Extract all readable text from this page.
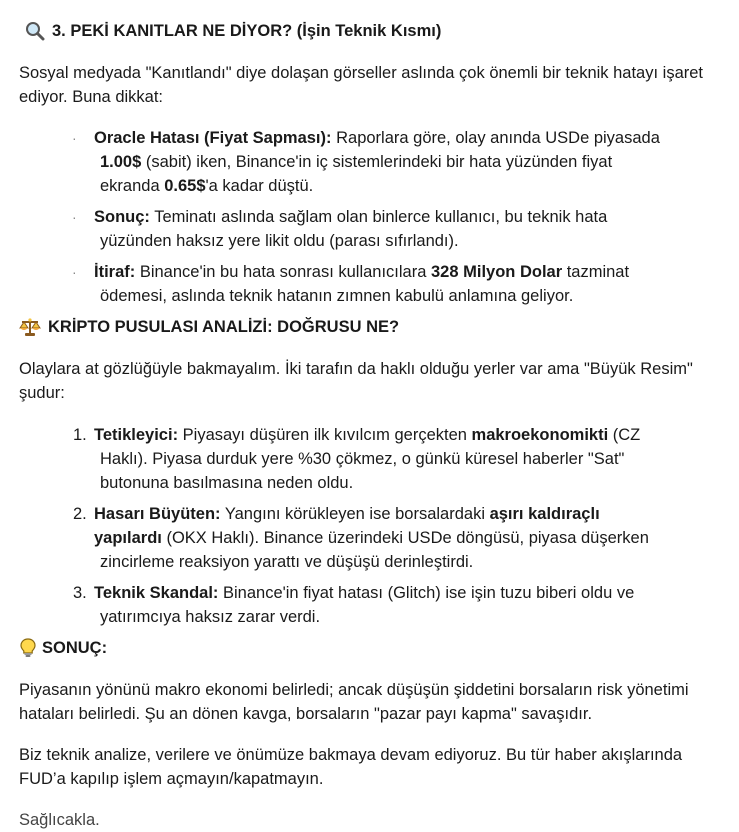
3. PEKİ KANITLAR NE DİYOR? (İşin Teknik Kısmı)

Sosyal medyada "Kanıtlandı" diye dolaşan görseller aslında çok önemli bir teknik hatayı işaret ediyor. Buna dikkat:

· Oracle Hatası (Fiyat Sapması): Raporlara göre, olay anında USDe piyasada

1.00$ (sabit) iken, Binance'in iç sistemlerindeki bir hata yüzünden fiyat
ekranda 0.65$'a kadar düştü.
· Sonuç: Teminatı aslında sağlam olan binlerce kullanıcı, bu teknik hata

yüzünden haksız yere likit oldu (parası sıfırlandı).
· İtiraf: Binance'in bu hata sonrası kullanıcılara 328 Milyon Dolar tazminat

ödemesi, aslında teknik hatanın zımnen kabulü anlamına geliyor.
KRİPTO PUSULASI ANALİZİ: DOĞRUSU NE?

Olaylara at gözlüğüyle bakmayalım. İki tarafın da haklı olduğu yerler var ama "Büyük Resim" şudur:

1. Tetikleyici: Piyasayı düşüren ilk kıvılcım gerçekten makroekonomikti (CZ

Haklı). Piyasa durduk yere %30 çökmez, o günkü küresel haberler "Sat"
butonuna basılmasına neden oldu.
2. Hasarı Büyüten: Yangını körükleyen ise borsalardaki aşırı kaldıraçlı
yapılardı (OKX Haklı). Binance üzerindeki USDe döngüsü, piyasa düşerken

zincirleme reaksiyon yarattı ve düşüşü derinleştirdi.
3. Teknik Skandal: Binance'in fiyat hatası (Glitch) ise işin tuzu biberi oldu ve

yatırımcıya haksız zarar verdi.
SONUÇ:

Piyasanın yönünü makro ekonomi belirledi; ancak düşüşün şiddetini borsaların risk yönetimi hataları belirledi. Şu an dönen kavga, borsaların "pazar payı kapma" savaşıdır.

Biz teknik analize, verilere ve önümüze bakmaya devam ediyoruz. Bu tür haber akışlarında FUD’a kapılıp işlem açmayın/kapatmayın.

Sağlıcakla.
